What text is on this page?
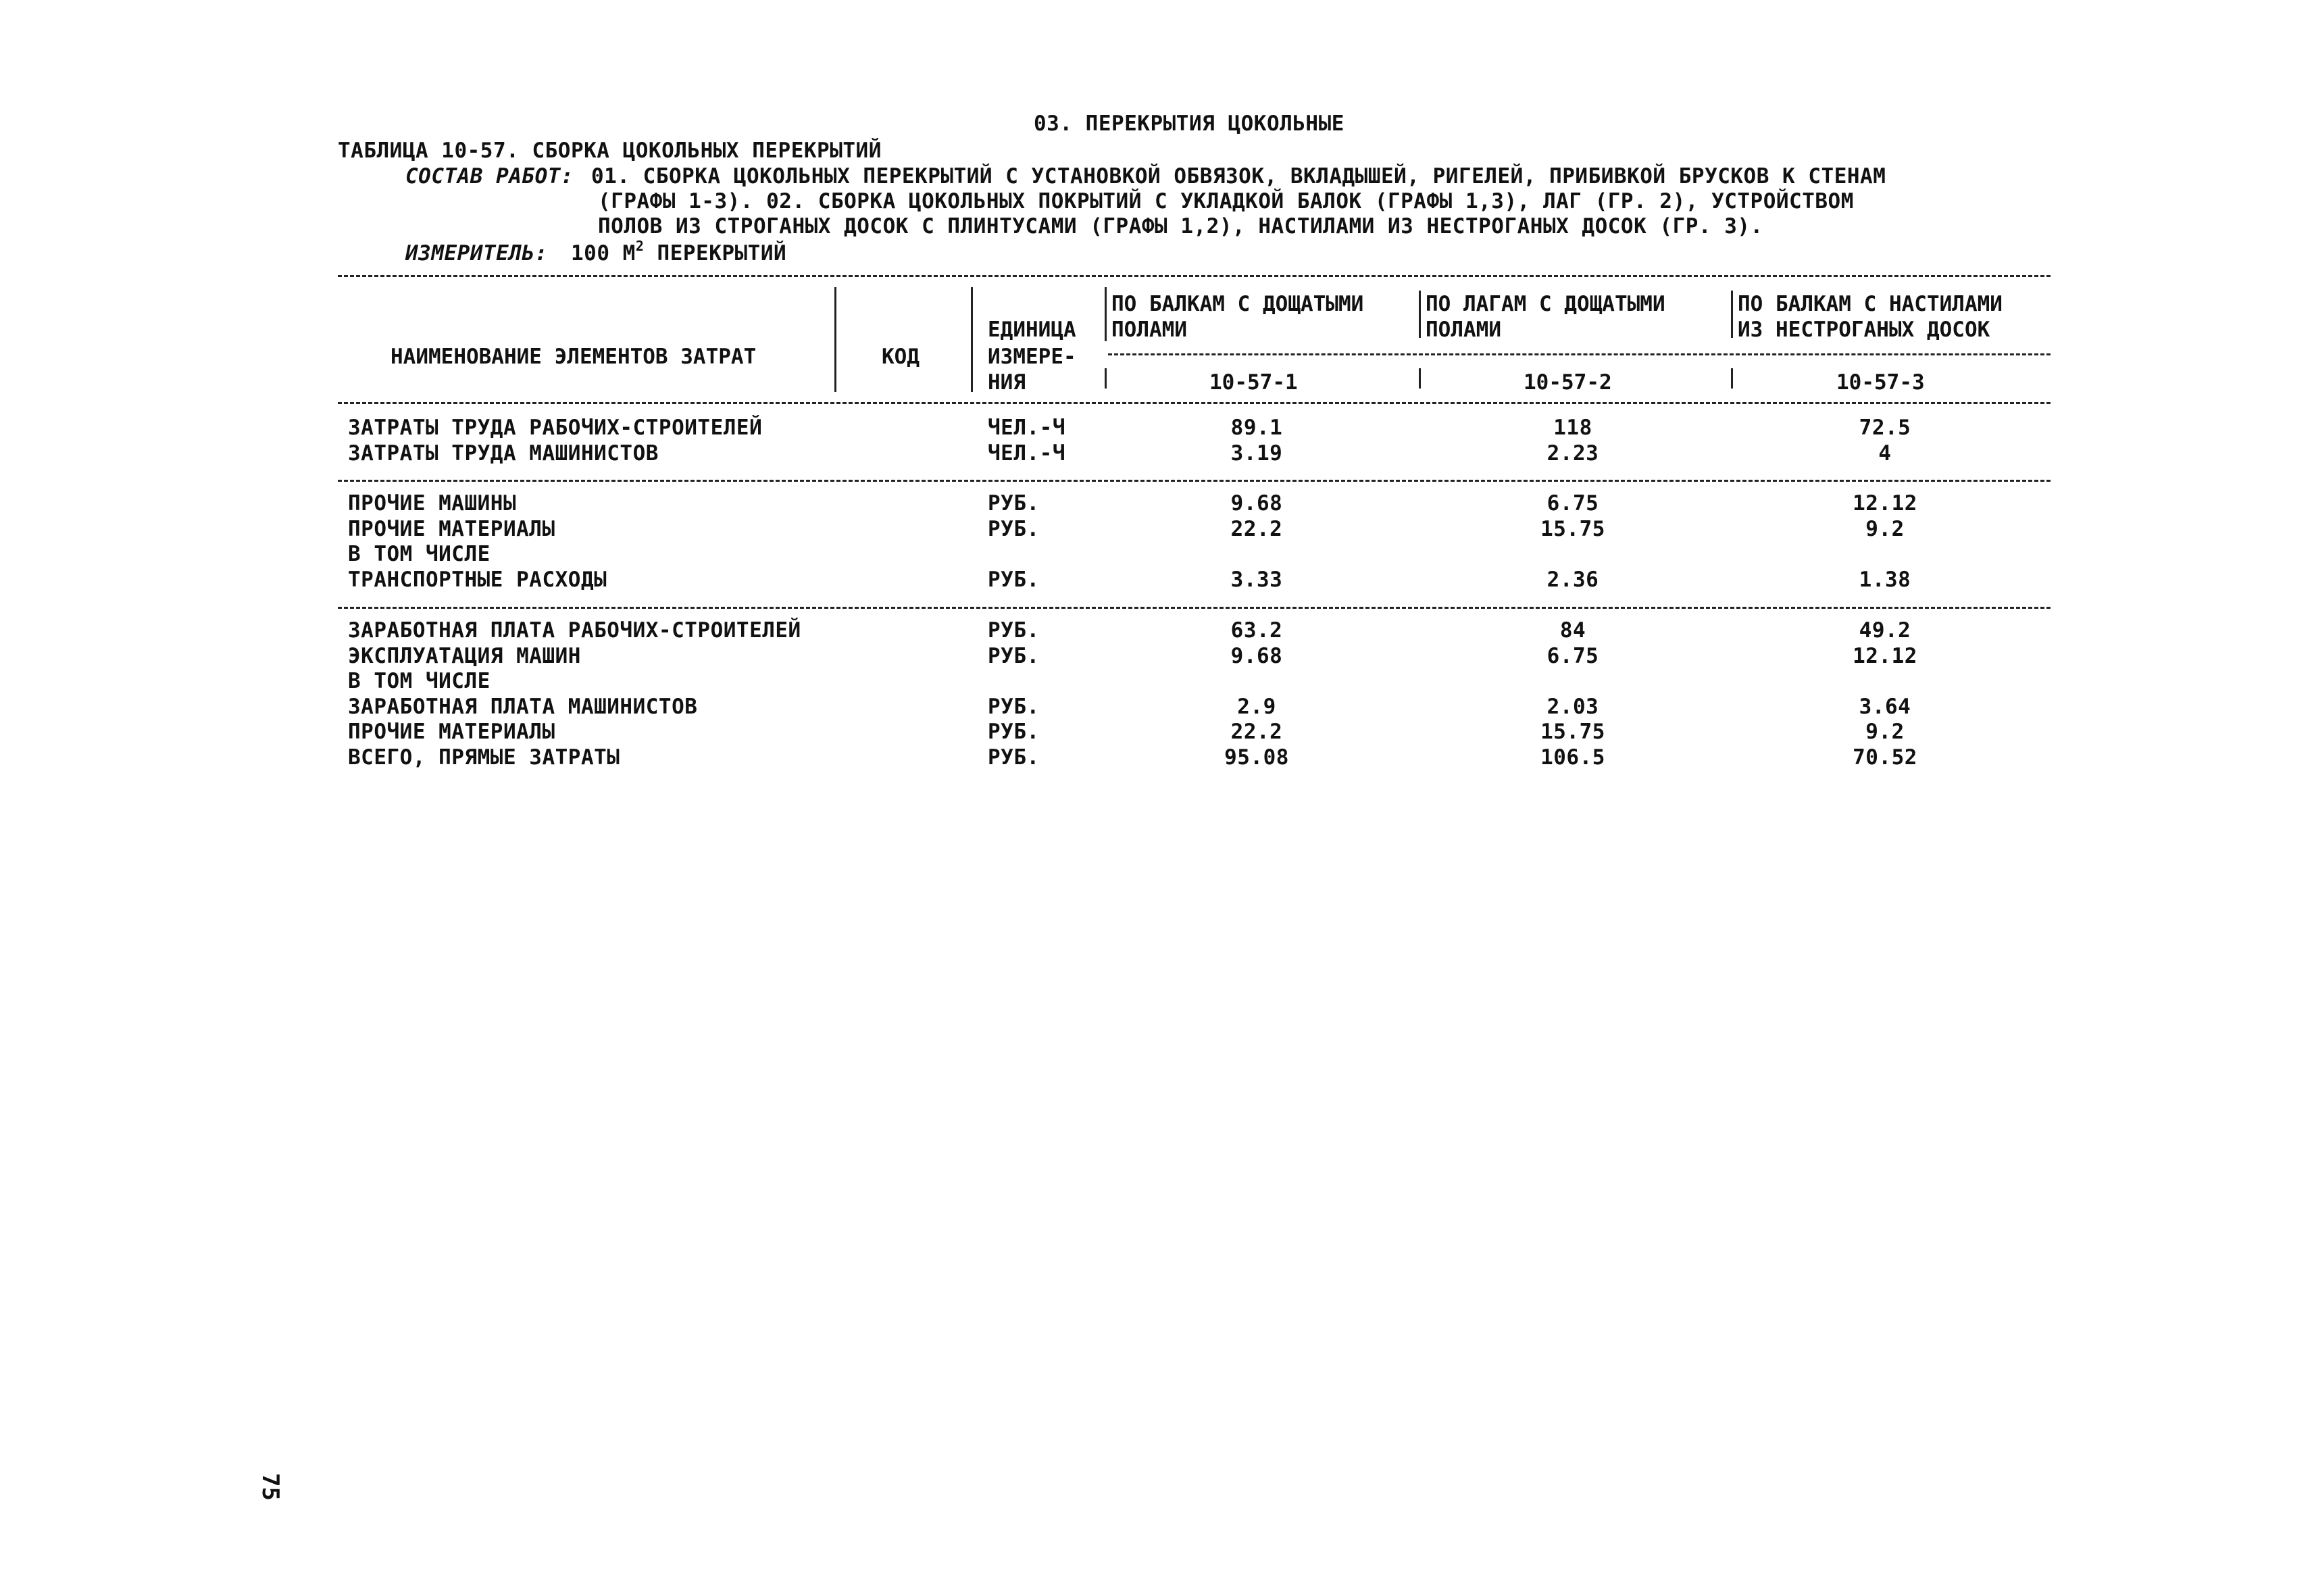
03. ПЕРЕКРЫТИЯ ЦОКОЛЬНЫЕ
ТАБЛИЦА 10-57. СБОРКА ЦОКОЛЬНЫХ ПЕРЕКРЫТИЙ
СОСТАВ РАБОТ: 01. СБОРКА ЦОКОЛЬНЫХ ПЕРЕКРЫТИЙ С УСТАНОВКОЙ ОБВЯЗОК, ВКЛАДЫШЕЙ, РИГЕЛЕЙ, ПРИБИВКОЙ БРУСКОВ К СТЕНАМ
(ГРАФЫ 1-3). 02. СБОРКА ЦОКОЛЬНЫХ ПОКРЫТИЙ С УКЛАДКОЙ БАЛОК (ГРАФЫ 1,3), ЛАГ (ГР. 2), УСТРОЙСТВОМ
ПОЛОВ ИЗ СТРОГАНЫХ ДОСОК С ПЛИНТУСАМИ (ГРАФЫ 1,2), НАСТИЛАМИ ИЗ НЕСТРОГАНЫХ ДОСОК (ГР. 3).
ИЗМЕРИТЕЛЬ: 100 $М^2$ ПЕРЕКРЫТИЙ
НАИМЕНОВАНИЕ ЭЛЕМЕНТОВ ЗАТРАТ	КОД
ЕДИНИЦА
ИЗМЕРЕ-
НИЯ
ПО БАЛКАМ С ДОЩАТЫМИ
ПОЛАМИ
ПО ЛАГАМ С ДОЩАТЫМИ
ПОЛАМИ
ПО БАЛКАМ С НАСТИЛАМИ
ИЗ НЕСТРОГАНЫХ ДОСОК
10-57-1	10-57-2	10-57-3
ЗАТРАТЫ ТРУДА РАБОЧИХ-СТРОИТЕЛЕЙ	ЧЕЛ.-Ч	89.1	118	72.5
ЗАТРАТЫ ТРУДА МАШИНИСТОВ	ЧЕЛ.-Ч	3.19	2.23	4
ПРОЧИЕ МАШИНЫ	РУБ.	9.68	6.75	12.12
ПРОЧИЕ МАТЕРИАЛЫ	РУБ.	22.2	15.75	9.2
В ТОМ ЧИСЛЕ
ТРАНСПОРТНЫЕ РАСХОДЫ	РУБ.	3.33	2.36	1.38
ЗАРАБОТНАЯ ПЛАТА РАБОЧИХ-СТРОИТЕЛЕЙ	РУБ.	63.2	84	49.2
ЭКСПЛУАТАЦИЯ МАШИН	РУБ.	9.68	6.75	12.12
В ТОМ ЧИСЛЕ
ЗАРАБОТНАЯ ПЛАТА МАШИНИСТОВ	РУБ.	2.9	2.03	3.64
ПРОЧИЕ МАТЕРИАЛЫ	РУБ.	22.2	15.75	9.2
ВСЕГО, ПРЯМЫЕ ЗАТРАТЫ	РУБ.	95.08	106.5	70.52
75
